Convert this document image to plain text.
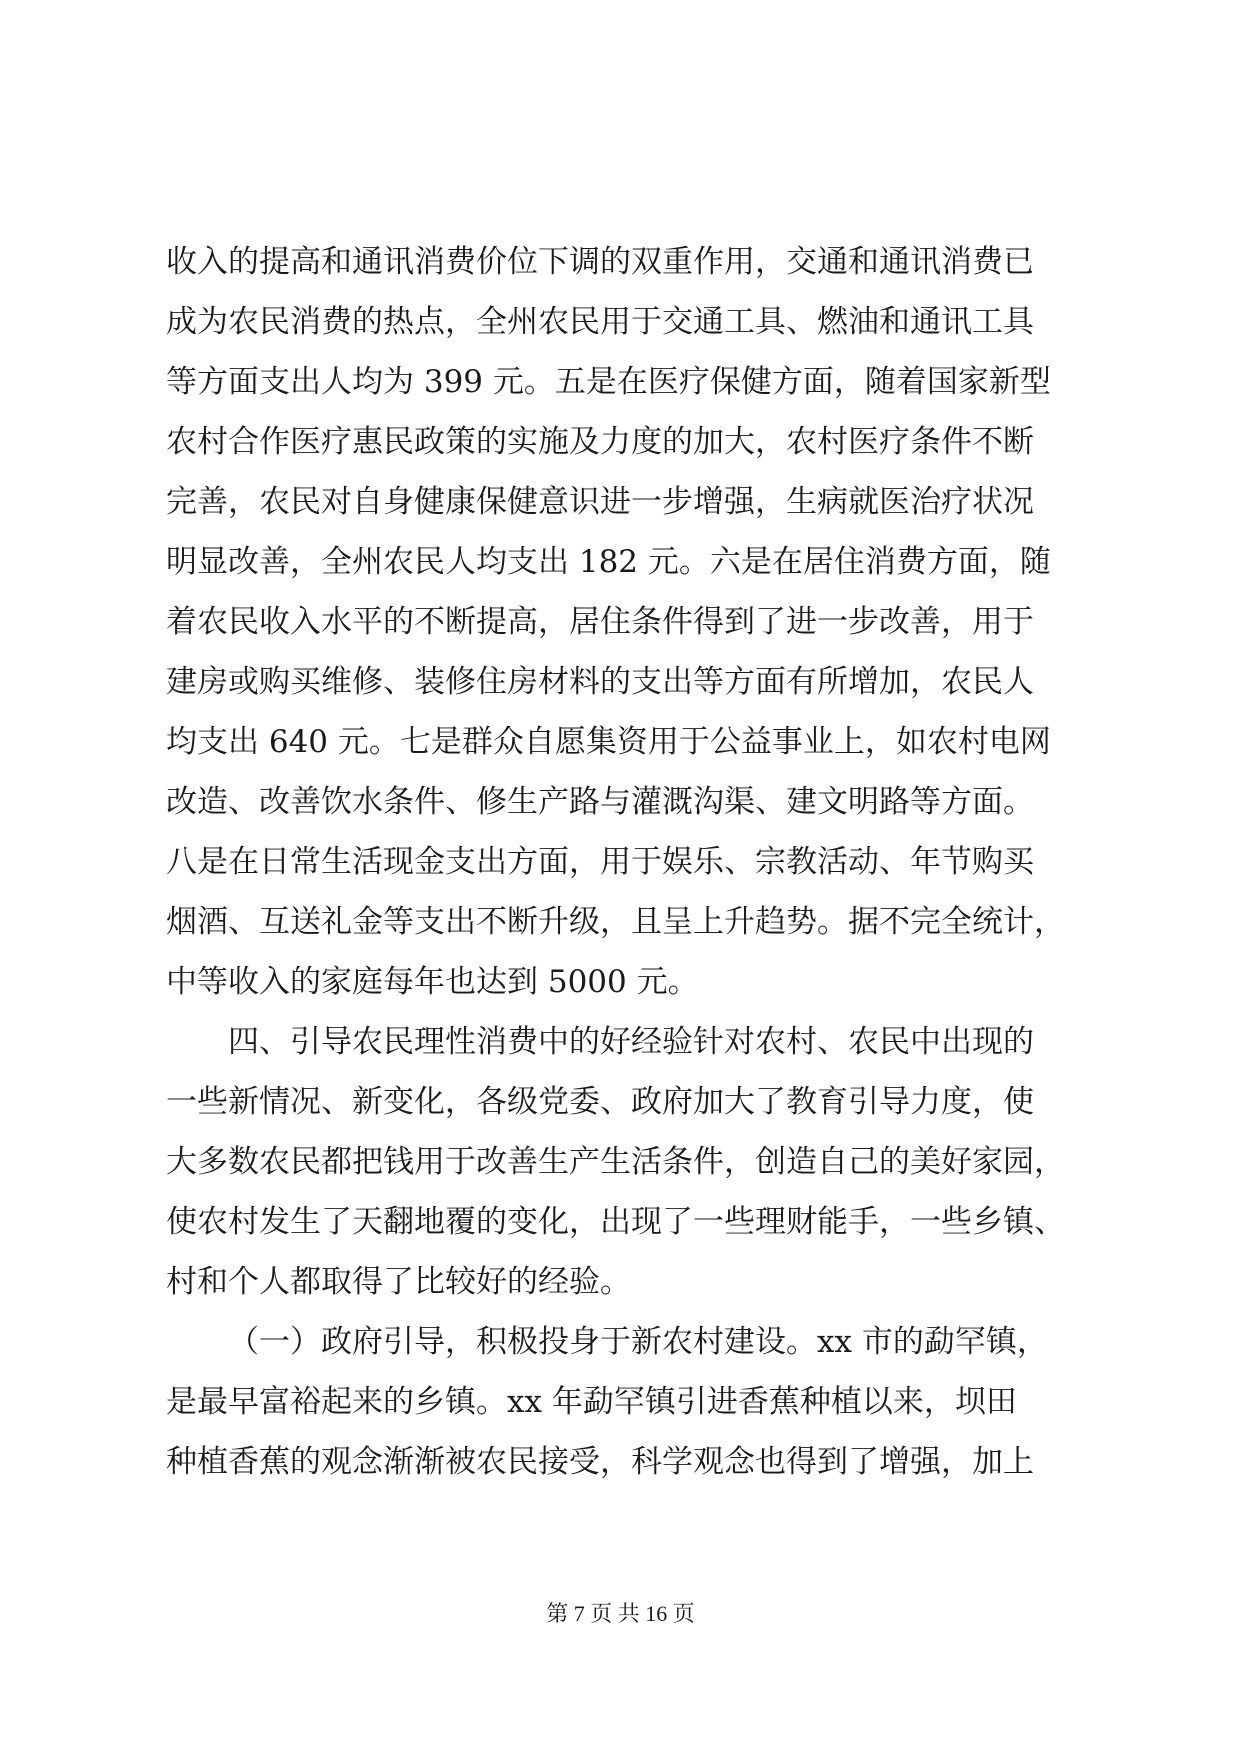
收入的提高和通讯消费价位下调的双重作用，交通和通讯消费已
成为农民消费的热点，全州农民用于交通工具、燃油和通讯工具
等方面支出人均为 399 元。五是在医疗保健方面，随着国家新型
农村合作医疗惠民政策的实施及力度的加大，农村医疗条件不断
完善，农民对自身健康保健意识进一步增强，生病就医治疗状况
明显改善，全州农民人均支出 182 元。六是在居住消费方面，随
着农民收入水平的不断提高，居住条件得到了进一步改善，用于
建房或购买维修、装修住房材料的支出等方面有所增加，农民人
均支出 640 元。七是群众自愿集资用于公益事业上，如农村电网
改造、改善饮水条件、修生产路与灌溉沟渠、建文明路等方面。
八是在日常生活现金支出方面，用于娱乐、宗教活动、年节购买
烟酒、互送礼金等支出不断升级，且呈上升趋势。据不完全统计，
中等收入的家庭每年也达到 5000 元。
四、引导农民理性消费中的好经验针对农村、农民中出现的
一些新情况、新变化，各级党委、政府加大了教育引导力度，使
大多数农民都把钱用于改善生产生活条件，创造自己的美好家园，
使农村发生了天翻地覆的变化，出现了一些理财能手，一些乡镇、
村和个人都取得了比较好的经验。
（一）政府引导，积极投身于新农村建设。xx 市的勐罕镇，
是最早富裕起来的乡镇。xx 年勐罕镇引进香蕉种植以来，坝田
种植香蕉的观念渐渐被农民接受，科学观念也得到了增强，加上
第 7 页 共 16 页
